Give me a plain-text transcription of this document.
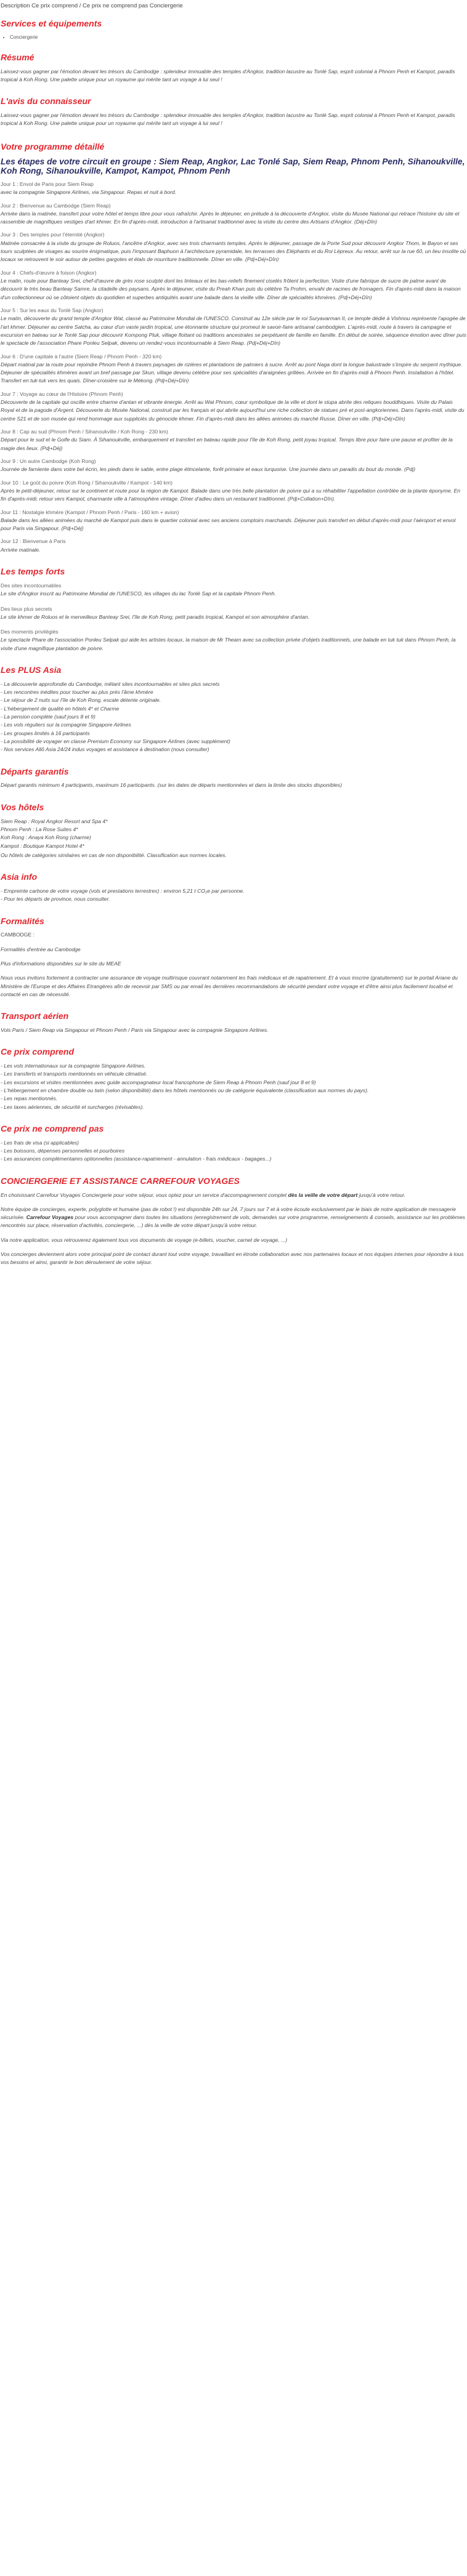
Description Ce prix comprend / Ce prix ne comprend pas Conciergerie
Services et équipements
• Conciergerie
Résumé

Laissez-vous gagner par l'émotion devant les trésors du Cambodge : splendeur immuable des temples d'Angkor, tradition lacustre au Tonlé Sap, esprit colonial à Phnom Penh et Kampot, paradis tropical à Koh Rong. Une palette unique pour un royaume qui mérite tant un voyage à lui seul !

L'avis du connaisseur

Laissez-vous gagner par l'émotion devant les trésors du Cambodge : splendeur immuable des temples d'Angkor, tradition lacustre au Tonlé Sap, esprit colonial à Phnom Penh et Kampot, paradis tropical à Koh Rong. Une palette unique pour un royaume qui mérite tant un voyage à lui seul !

Votre programme détaillé
Les étapes de votre circuit en groupe : Siem Reap, Angkor, Lac Tonlé Sap, Siem Reap, Phnom Penh, Sihanoukville, Koh Rong, Sihanoukville, Kampot, Kampot, Phnom Penh
Jour 1 : Envol de Paris pour Siem Reap
avec la compagnie Singapore Airlines, via Singapour. Repas et nuit à bord.
Jour 2 : Bienvenue au Cambodge (Siem Reap)
Arrivée dans la matinée, transfert pour votre hôtel et temps libre pour vous rafraîchir. Après le déjeuner, en prélude à la découverte d'Angkor, visite du Musée National qui retrace l'histoire du site et rassemble de magnifiques vestiges d'art khmer. En fin d'après-midi, introduction à l'artisanat traditionnel avec la visite du centre des Artisans d'Angkor. (Déj+Dîn)
Jour 3 : Des temples pour l'éternité (Angkor)
Matinée consacrée à la visite du groupe de Roluos, l'ancêtre d'Angkor, avec ses trois charmants temples. Après le déjeuner, passage de la Porte Sud pour découvrir Angkor Thom, le Bayon et ses tours sculptées de visages au sourire énigmatique, puis l'imposant Baphuon à l'architecture pyramidale, les terrasses des Eléphants et du Roi Lépreux. Au retour, arrêt sur la rue 60, un lieu insolite où locaux se retrouvent le soir autour de petites gargotes et étals de nourriture traditionnelle. Dîner en ville. (Pdj+Déj+Dîn)
Jour 4 : Chefs-d'œuvre à foison (Angkor)
Le matin, route pour Banteay Srei, chef-d'œuvre de grès rose sculpté dont les linteaux et les bas-reliefs finement ciselés frôlent la perfection. Visite d'une fabrique de sucre de palme avant de découvrir le très beau Banteay Samre, la citadelle des paysans. Après le déjeuner, visite du Preah Khan puis du célèbre Ta Prohm, envahi de racines de fromagers. Fin d'après-midi dans la maison d'un collectionneur où se côtoient objets du quotidien et superbes antiquités avant une balade dans la vieille ville. Dîner de spécialités khmères. (Pdj+Déj+Dîn)
Jour 5 : Sur les eaux du Tonlé Sap (Angkor)
Le matin, découverte du grand temple d'Angkor Wat, classé au Patrimoine Mondial de l'UNESCO. Construit au 12e siècle par le roi Suryavarman II, ce temple dédié à Vishnou représente l'apogée de l'art khmer. Déjeuner au centre Salcha, au cœur d'un vaste jardin tropical, une étonnante structure qui promeut le savoir-faire artisanal cambodgien. L'après-midi, route à travers la campagne et excursion en bateau sur le Tonlé Sap pour découvrir Kompong Pluk, village flottant où traditions ancestrales se perpétuent de famille en famille. En début de soirée, séquence émotion avec dîner puis le spectacle de l'association Phare Ponleu Selpak, devenu un rendez-vous incontournable à Siem Reap. (Pdj+Déj+Dîn)
Jour 6 : D'une capitale à l'autre (Siem Reap / Phnom Penh - 320 km)
Départ matinal par la route pour rejoindre Phnom Penh à travers paysages de rizières et plantations de palmiers à sucre. Arrêt au pont Naga dont la longue balustrade s'inspire du serpent mythique. Déjeuner de spécialités khmères avant un bref passage par Skun, village devenu célèbre pour ses spécialités d'araignées grillées. Arrivée en fin d'après-midi à Phnom Penh. Installation à l'hôtel. Transfert en tuk-tuk vers les quais. Dîner-croisière sur le Mékong. (Pdj+Déj+Dîn)
Jour 7 : Voyage au cœur de l'Histoire (Phnom Penh)
Découverte de la capitale qui oscille entre charme d'antan et vibrante énergie. Arrêt au Wat Phnom, cœur symbolique de la ville et dont le stupa abrite des reliques bouddhiques. Visite du Palais Royal et de la pagode d'Argent. Découverte du Musée National, construit par les français et qui abrite aujourd'hui une riche collection de statues pré et post-angkoriennes. Dans l'après-midi, visite du centre S21 et de son musée qui rend hommage aux suppliciés du génocide khmer. Fin d'après-midi dans les allées animées du marché Russe. Dîner en ville. (Pdj+Déj+Dîn)
Jour 8 : Cap au sud (Phnom Penh / Sihanoukville / Koh Rong - 230 km)
Départ pour le sud et le Golfe du Siam. À Sihanoukville, embarquement et transfert en bateau rapide pour l'île de Koh Rong, petit joyau tropical. Temps libre pour faire une pause et profiter de la magie des lieux. (Pdj+Déj)
Jour 9 : Un autre Cambodge (Koh Rong)
Journée de farniente dans votre bel écrin, les pieds dans le sable, entre plage étincelante, forêt primaire et eaux turquoise. Une journée dans un paradis du bout du monde. (Pdj)
Jour 10 : Le goût du poivre (Koh Rong / Sihanoukville / Kampot - 140 km)
Après le petit-déjeuner, retour sur le continent et route pour la région de Kampot. Balade dans une très belle plantation de poivre qui a su réhabiliter l'appellation contrôlée de la plante éponyme. En fin d'après-midi, retour vers Kampot, charmante ville à l'atmosphère vintage. Dîner d'adieu dans un restaurant traditionnel. (Pdj+Collation+Dîn).
Jour 11 : Nostalgie khmère (Kampot / Phnom Penh / Paris - 160 km + avion)
Balade dans les allées animées du marché de Kampot puis dans le quartier colonial avec ses anciens comptoirs marchands. Déjeuner puis transfert en début d'après-midi pour l'aéroport et envol pour Paris via Singapour. (Pdj+Déj)
Jour 12 : Bienvenue à Paris
Arrivée matinale.
Les temps forts
Des sites incontournables
Le site d'Angkor inscrit au Patrimoine Mondial de l'UNESCO, les villages du lac Tonlé Sap et la capitale Phnom Penh.
Des lieux plus secrets
Le site khmer de Roluos et le merveilleux Banteay Srei, l'île de Koh Rong, petit paradis tropical, Kampot et son atmosphère d'antan.
Des moments privilégiés
Le spectacle Phare de l'association Ponleu Selpak qui aide les artistes locaux, la maison de Mr Theam avec sa collection privée d'objets traditionnels, une balade en tuk tuk dans Phnom Penh, la visite d'une magnifique plantation de poivre.
Les PLUS Asia
- La découverte approfondie du Cambodge, mêlant sites incontournables et sites plus secrets
- Les rencontres inédites pour toucher au plus près l'âme khmère
- Le séjour de 2 nuits sur l'île de Koh Rong, escale détente originale.
- L'hébergement de qualité en hôtels 4* et Charme
- La pension complète (sauf jours 8 et 9)
- Les vols réguliers sur la compagnie Singapore Airlines
- Les groupes limités à 16 participants
- La possibilité de voyager en classe Premium Economy sur Singapore Airlines (avec supplément)
- Nos services Allô Asia 24/24 indus voyages et assistance à destination (nous consulter)
Départs garantis

Départ garantis minimum 4 participants, maximum 16 participants. (sur les dates de départs mentionnées et dans la limite des stocks disponibles)

Vos hôtels
Siem Reap : Royal Angkor Resort and Spa 4*
Phnom Penh : La Rose Suites 4*
Koh Rong : Anaya Koh Rong (charme)
Kampot : Boutique Kampot Hotel 4*

Ou hôtels de catégories similaires en cas de non disponibilité. Classification aux normes locales.

Asia info
- Empreinte carbone de votre voyage (vols et prestations terrestres) : environ 5,21 t CO₂e par personne.
- Pour les départs de province, nous consulter.
Formalités

CAMBODGE :

Formalités d'entrée au Cambodge

Plus d'informations disponibles sur le site du MEAE

Nous vous invitons fortement à contracter une assurance de voyage multirisque couvrant notamment les frais médicaux et de rapatriement. Et à vous inscrire (gratuitement) sur le portail Ariane du Ministère de l'Europe et des Affaires Etrangères afin de recevoir par SMS ou par email les dernières recommandations de sécurité pendant votre voyage et d'être ainsi plus facilement localisé et contacté en cas de nécessité.

Transport aérien

Vols Paris / Siem Reap via Singapour et Phnom Penh / Paris via Singapour avec la compagnie Singapore Airlines.

Ce prix comprend
- Les vols internationaux sur la compagnie Singapore Airlines.
- Les transferts et transports mentionnés en véhicule climatisé.
- Les excursions et visites mentionnées avec guide accompagnateur local francophone de Siem Reap à Phnom Penh (sauf jour 8 et 9)
- L'hébergement en chambre double ou twin (selon disponibilité) dans les hôtels mentionnés ou de catégorie équivalente (classification aux normes du pays).
- Les repas mentionnés.
- Les taxes aériennes, de sécurité et surcharges (révisables).
Ce prix ne comprend pas
- Les frais de visa (si applicables)
- Les boissons, dépenses personnelles et pourboires
- Les assurances complémentaires optionnelles (assistance-rapatriement - annulation - frais médicaux - bagages...)
CONCIERGERIE ET ASSISTANCE CARREFOUR VOYAGES

En choisissant Carrefour Voyages Conciergerie pour votre séjour, vous optez pour un service d'accompagnement complet dès la veille de votre départ jusqu'à votre retour.

Notre équipe de concierges, experte, polyglotte et humaine (pas de robot !) est disponible 24h sur 24, 7 jours sur 7 et à votre écoute exclusivement par le biais de notre application de messagerie sécurisée. Carrefour Voyages pour vous accompagner dans toutes les situations (enregistrement de vols, demandes sur votre programme, renseignements & conseils, assistance sur les problèmes rencontrés sur place, réservation d'activités, conciergerie, ...) dès la veille de votre départ jusqu'à votre retour.

Via notre application, vous retrouverez également tous vos documents de voyage (e-billets, voucher, carnet de voyage, ...)

Vos concierges deviennent alors votre principal point de contact durant tout votre voyage, travaillant en étroite collaboration avec nos partenaires locaux et nos équipes internes pour répondre à tous vos besoins et ainsi, garantir le bon déroulement de votre séjour.
